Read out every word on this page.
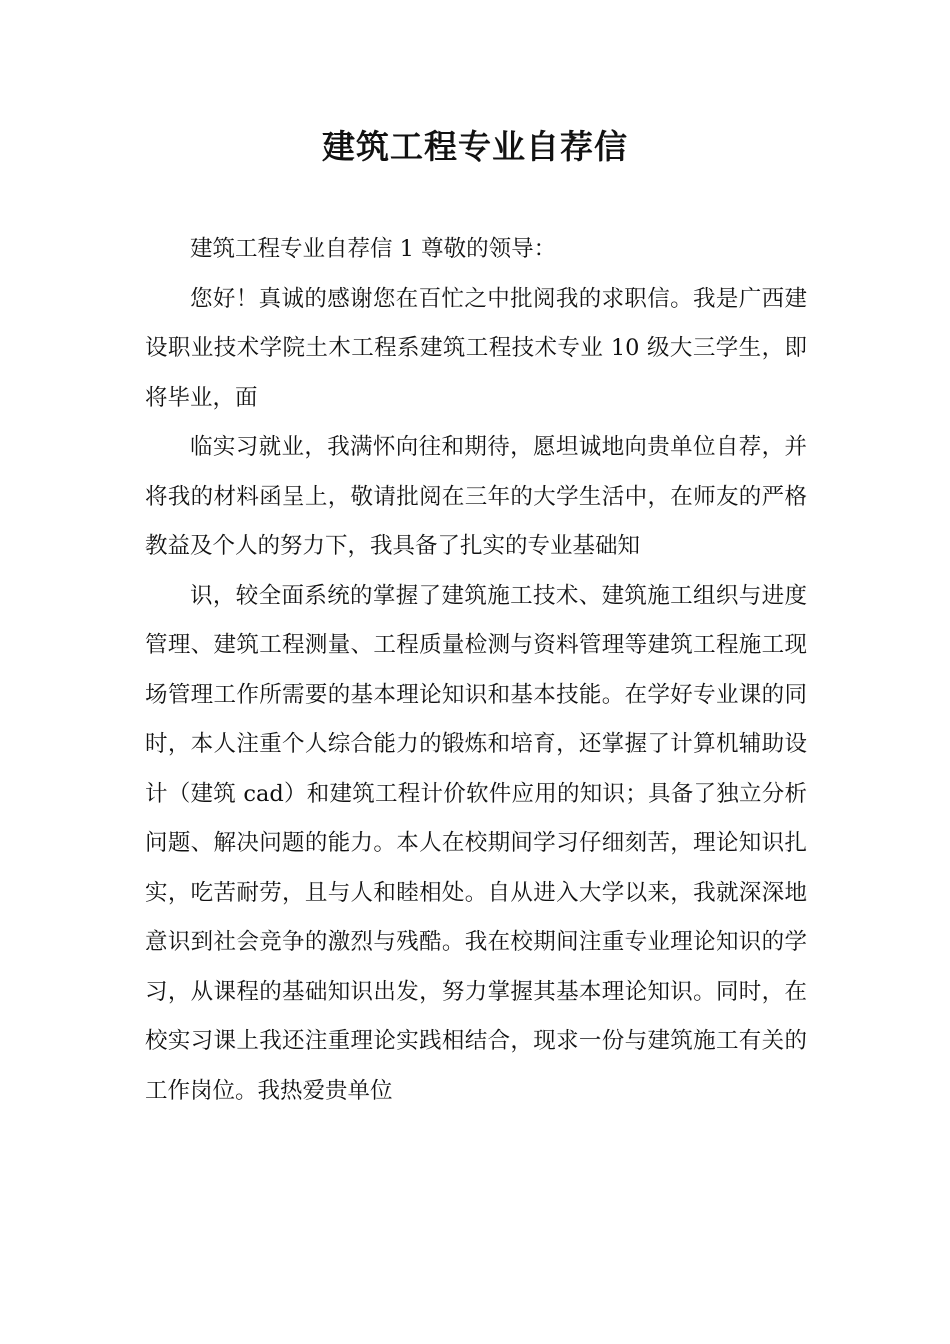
建筑工程专业自荐信

建筑工程专业自荐信 1 尊敬的领导：

您好！真诚的感谢您在百忙之中批阅我的求职信。我是广西建设职业技术学院土木工程系建筑工程技术专业 10 级大三学生，即将毕业，面

临实习就业，我满怀向往和期待，愿坦诚地向贵单位自荐，并将我的材料函呈上，敬请批阅在三年的大学生活中，在师友的严格教益及个人的努力下，我具备了扎实的专业基础知

识，较全面系统的掌握了建筑施工技术、建筑施工组织与进度管理、建筑工程测量、工程质量检测与资料管理等建筑工程施工现场管理工作所需要的基本理论知识和基本技能。在学好专业课的同时，本人注重个人综合能力的锻炼和培育，还掌握了计算机辅助设计（建筑 cad）和建筑工程计价软件应用的知识；具备了独立分析问题、解决问题的能力。本人在校期间学习仔细刻苦，理论知识扎实，吃苦耐劳，且与人和睦相处。自从进入大学以来，我就深深地意识到社会竞争的激烈与残酷。我在校期间注重专业理论知识的学习，从课程的基础知识出发，努力掌握其基本理论知识。同时，在校实习课上我还注重理论实践相结合，现求一份与建筑施工有关的工作岗位。我热爱贵单位
